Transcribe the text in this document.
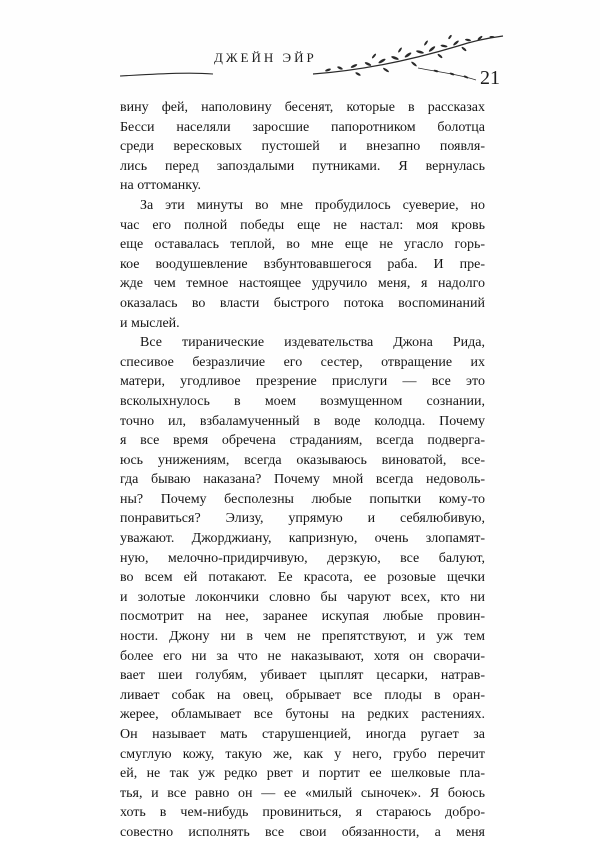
ДЖЕЙН ЭЙР
21
вину фей, наполовину бесенят, которые в рассказах
Бесси населяли заросшие папоротником болотца
среди вересковых пустошей и внезапно появля-
лись перед запоздалыми путниками. Я вернулась
на оттоманку.
За эти минуты во мне пробудилось суеверие, но
час его полной победы еще не настал: моя кровь
еще оставалась теплой, во мне еще не угасло горь-
кое воодушевление взбунтовавшегося раба. И пре-
жде чем темное настоящее удручило меня, я надолго
оказалась во власти быстрого потока воспоминаний
и мыслей.
Все тиранические издевательства Джона Рида,
спесивое безразличие его сестер, отвращение их
матери, угодливое презрение прислуги — все это
всколыхнулось в моем возмущенном сознании,
точно ил, взбаламученный в воде колодца. Почему
я все время обречена страданиям, всегда подверга-
юсь унижениям, всегда оказываюсь виноватой, все-
гда бываю наказана? Почему мной всегда недоволь-
ны? Почему бесполезны любые попытки кому-то
понравиться? Элизу, упрямую и себялюбивую,
уважают. Джорджиану, капризную, очень злопамят-
ную, мелочно-придирчивую, дерзкую, все балуют,
во всем ей потакают. Ее красота, ее розовые щечки
и золотые локончики словно бы чаруют всех, кто ни
посмотрит на нее, заранее искупая любые провин-
ности. Джону ни в чем не препятствуют, и уж тем
более его ни за что не наказывают, хотя он сворачи-
вает шеи голубям, убивает цыплят цесарки, натрав-
ливает собак на овец, обрывает все плоды в оран-
жерее, обламывает все бутоны на редких растениях.
Он называет мать старушенцией, иногда ругает за
смуглую кожу, такую же, как у него, грубо перечит
ей, не так уж редко рвет и портит ее шелковые пла-
тья, и все равно он — ее «милый сыночек». Я боюсь
хоть в чем-нибудь провиниться, я стараюсь добро-
совестно исполнять все свои обязанности, а меня
